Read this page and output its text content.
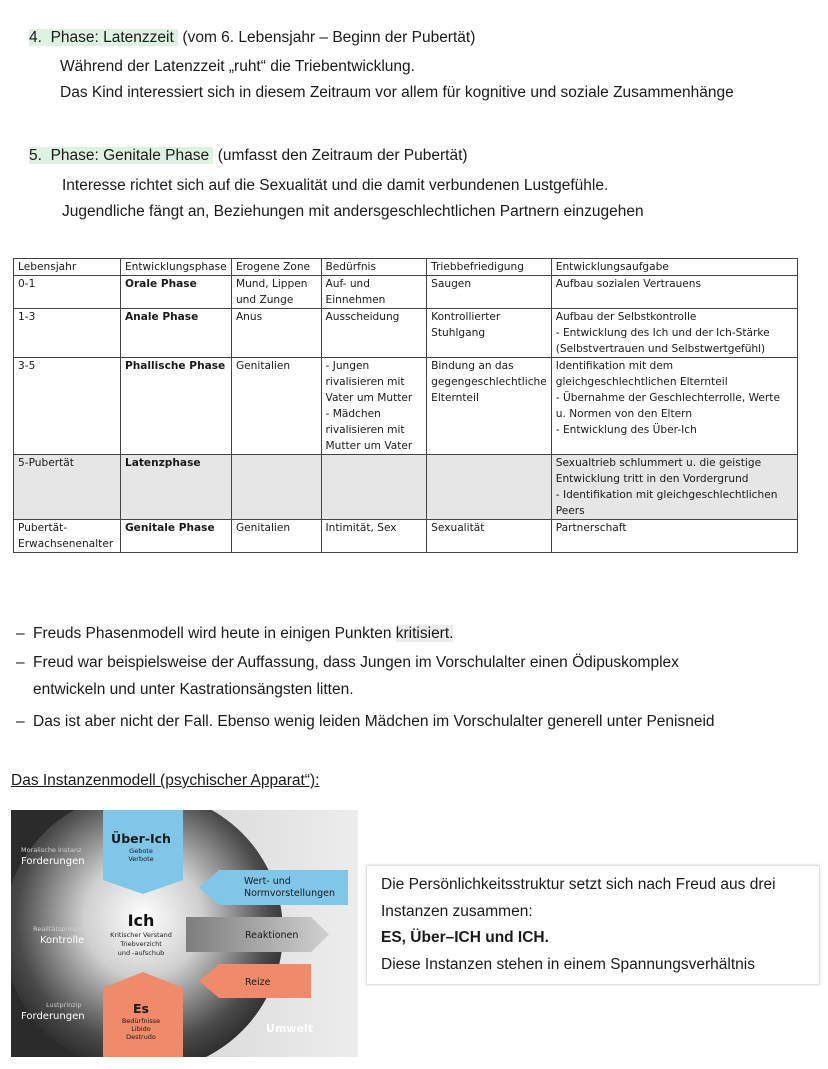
4. Phase: Latenzzeit  (vom 6. Lebensjahr – Beginn der Pubertät)
Während der Latenzzeit „ruht“ die Triebentwicklung.
Das Kind interessiert sich in diesem Zeitraum vor allem für kognitive und soziale Zusammenhänge
5. Phase: Genitale Phase  (umfasst den Zeitraum der Pubertät)
Interesse richtet sich auf die Sexualität und die damit verbundenen Lustgefühle.
Jugendliche fängt an, Beziehungen mit andersgeschlechtlichen Partnern einzugehen
Lebensjahr	Entwicklungsphase	Erogene Zone	Bedürfnis	Triebbefriedigung	Entwicklungsaufgabe
0-1	Orale Phase	Mund, Lippen und Zunge	Auf- und Einnehmen	Saugen	Aufbau sozialen Vertrauens
1-3	Anale Phase	Anus	Ausscheidung	Kontrollierter Stuhlgang	Aufbau der Selbstkontrolle
- Entwicklung des Ich und der Ich-Stärke (Selbstvertrauen und Selbstwertgefühl)
3-5	Phallische Phase	Genitalien	- Jungen rivalisieren mit Vater um Mutter
- Mädchen rivalisieren mit Mutter um Vater	Bindung an das gegengeschlechtliche Elternteil	Identifikation mit dem gleichgeschlechtlichen Elternteil
- Übernahme der Geschlechterrolle, Werte u. Normen von den Eltern
- Entwicklung des Über-Ich
5-Pubertät	Latenzphase				Sexualtrieb schlummert u. die geistige Entwicklung tritt in den Vordergrund
- Identifikation mit gleichgeschlechtlichen Peers
Pubertät-Erwachsenenalter	Genitale Phase	Genitalien	Intimität, Sex	Sexualität	Partnerschaft
– Freuds Phasenmodell wird heute in einigen Punkten kritisiert.
– Freud war beispielsweise der Auffassung, dass Jungen im Vorschulalter einen Ödipuskomplex
entwickeln und unter Kastrationsängsten litten.
– Das ist aber nicht der Fall. Ebenso wenig leiden Mädchen im Vorschulalter generell unter Penisneid
Das Instanzenmodell (psychischer Apparat“):
Moralische Instanz
Forderungen
Realitätsprinzip
Kontrolle
Lustprinzip
Forderungen
Über-Ich
Gebote
Verbote
Ich
Kritischer Verstand
Triebverzicht
und -aufschub
Es
Bedürfnisse
Libido
Destrudo
Wert- und
Normvorstellungen
Reaktionen
Reize
Umwelt
Die Persönlichkeitsstruktur setzt sich nach Freud aus drei
Instanzen zusammen:
ES, Über–ICH und ICH.
Diese Instanzen stehen in einem Spannungsverhältnis
